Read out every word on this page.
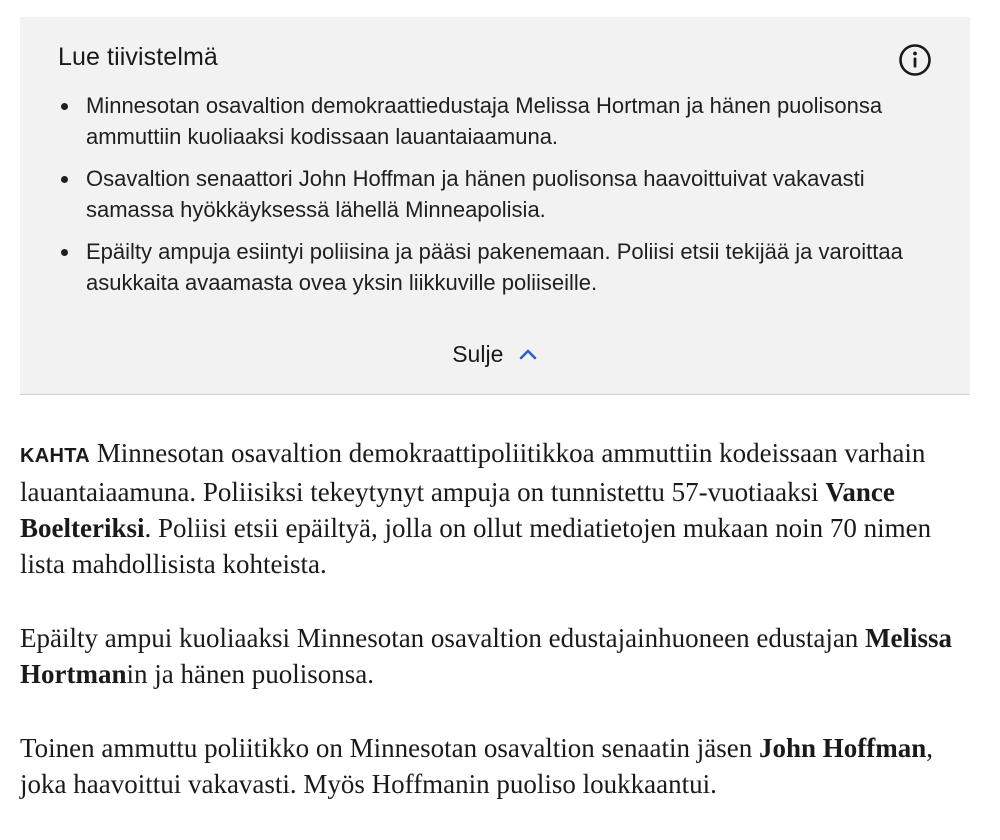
Lue tiivistelmä
Minnesotan osavaltion demokraattiedustaja Melissa Hortman ja hänen puolisonsa ammuttiin kuoliaaksi kodissaan lauantaiaamuna.
Osavaltion senaattori John Hoffman ja hänen puolisonsa haavoittuivat vakavasti samassa hyökkäyksessä lähellä Minneapolisia.
Epäilty ampuja esiintyi poliisina ja pääsi pakenemaan. Poliisi etsii tekijää ja varoittaa asukkaita avaamasta ovea yksin liikkuville poliiseille.
Sulje

KAHTA Minnesotan osavaltion demokraattipoliitikkoa ammuttiin kodeissaan varhain lauantaiaamuna. Poliisiksi tekeytynyt ampuja on tunnistettu 57-vuotiaaksi Vance Boelteriksi. Poliisi etsii epäiltyä, jolla on ollut mediatietojen mukaan noin 70 nimen lista mahdollisista kohteista.

Epäilty ampui kuoliaaksi Minnesotan osavaltion edustajainhuoneen edustajan Melissa Hortmanin ja hänen puolisonsa.

Toinen ammuttu poliitikko on Minnesotan osavaltion senaatin jäsen John Hoffman, joka haavoittui vakavasti. Myös Hoffmanin puoliso loukkaantui.
